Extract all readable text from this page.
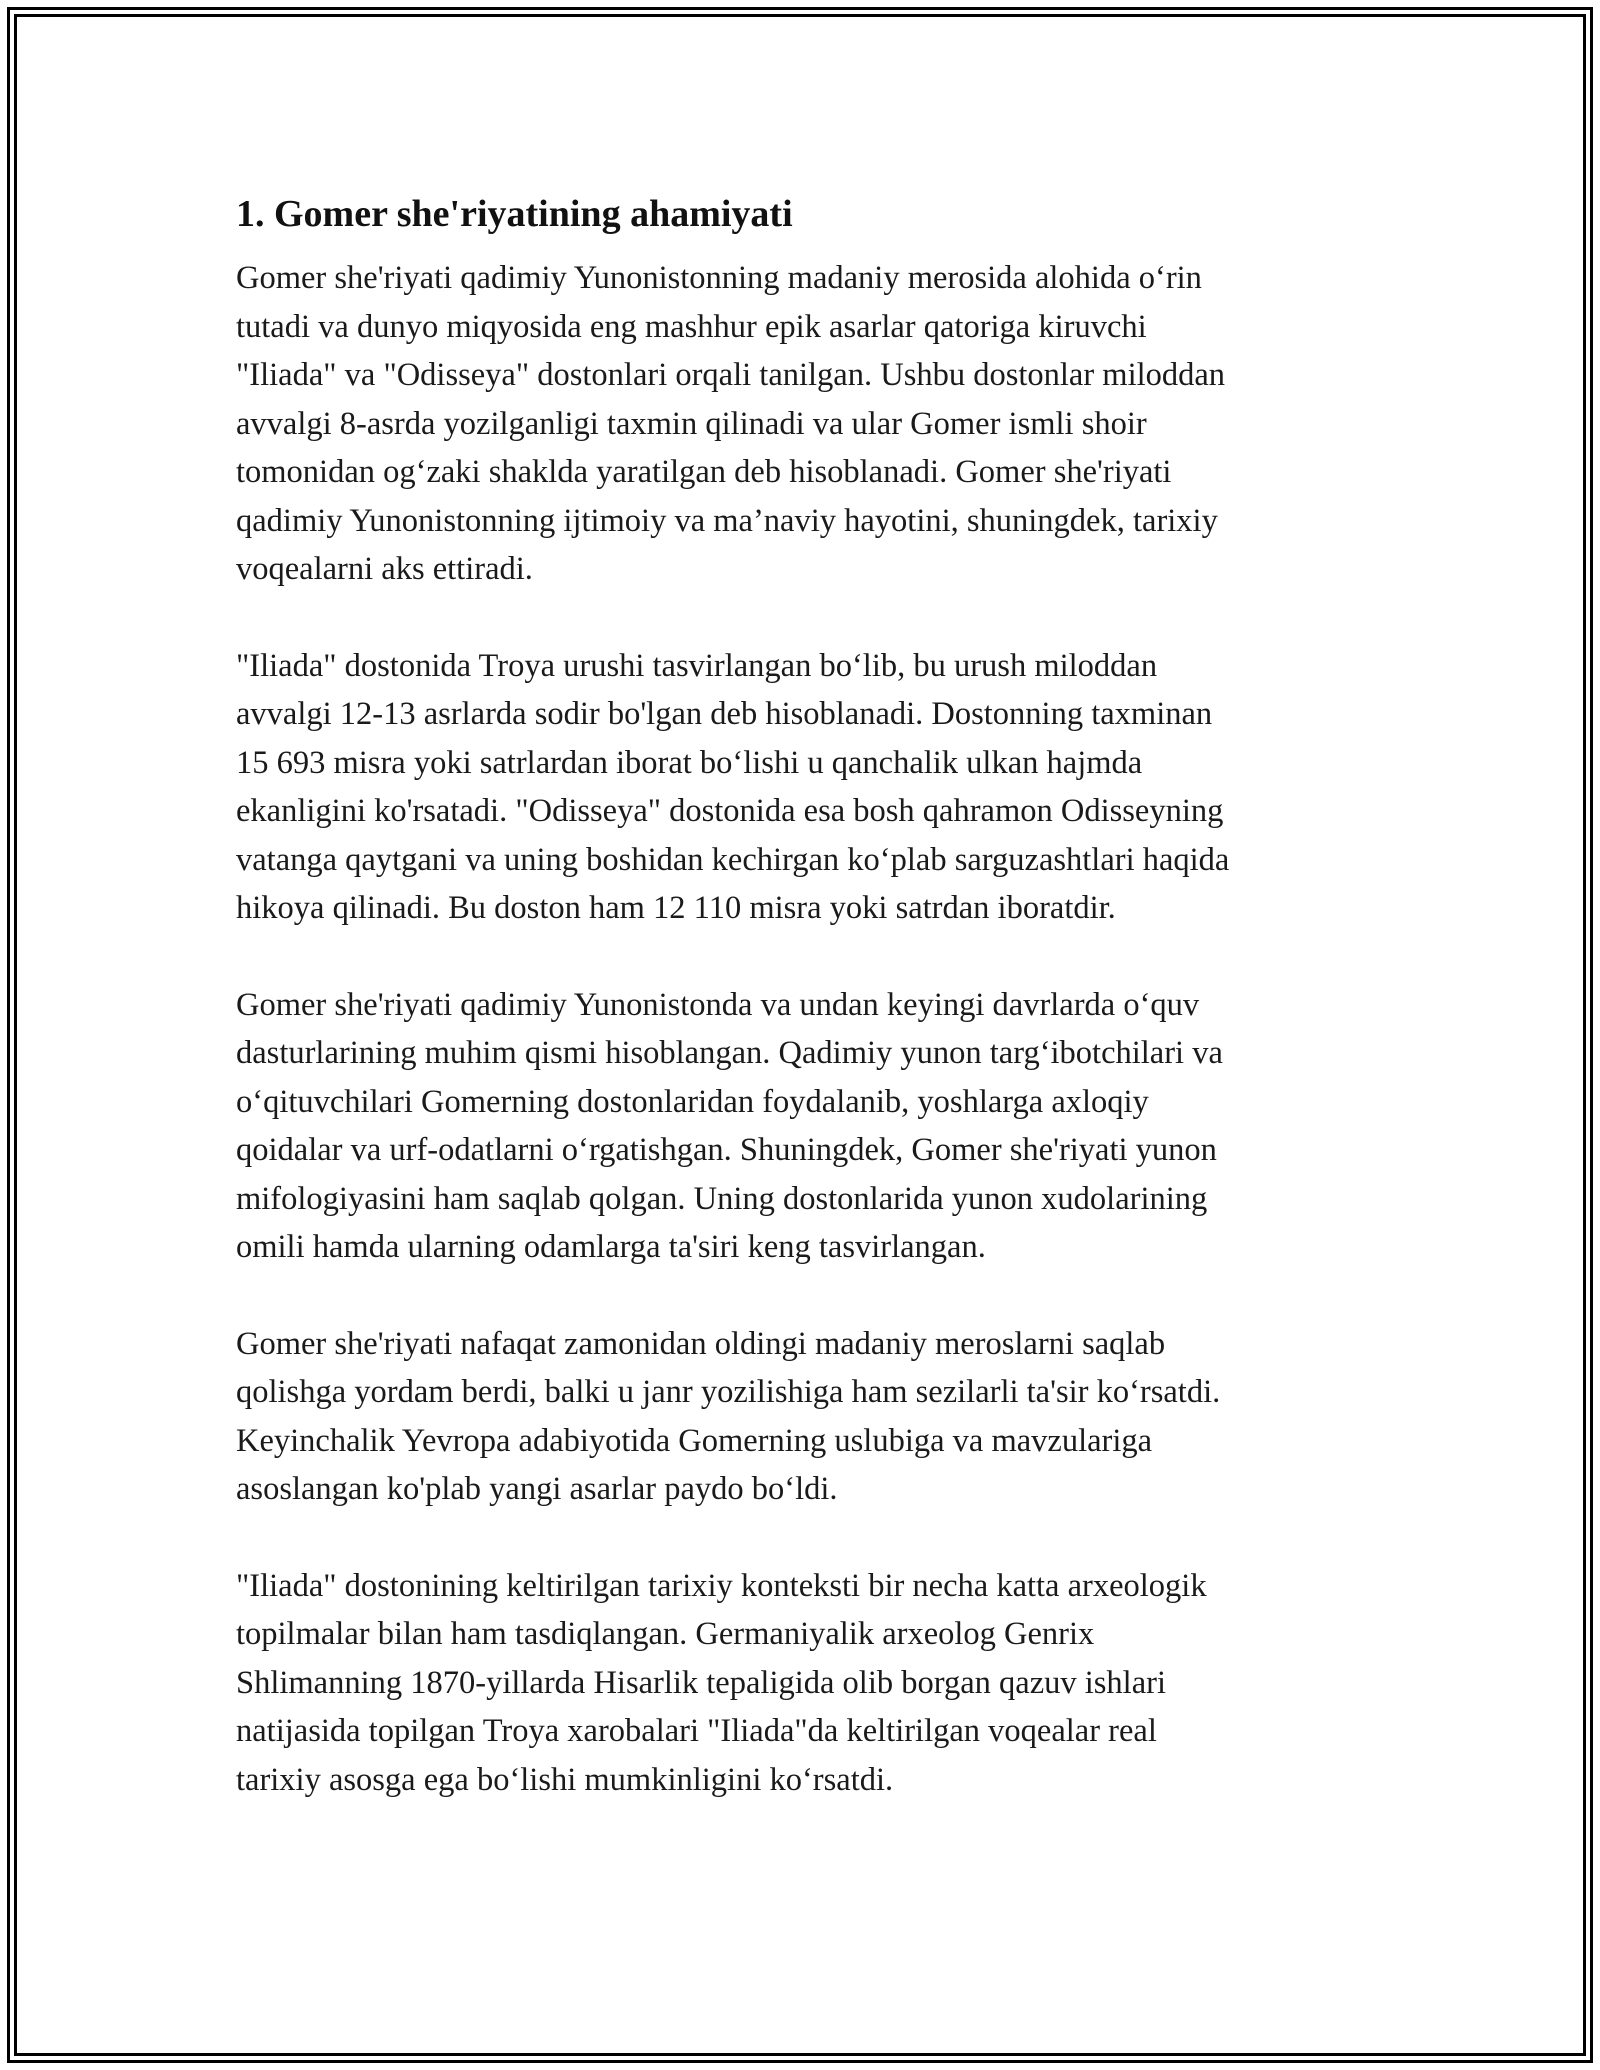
1. Gomer she'riyatining ahamiyati

Gomer she'riyati qadimiy Yunonistonning madaniy merosida alohida o‘rin
tutadi va dunyo miqyosida eng mashhur epik asarlar qatoriga kiruvchi
"Iliada" va "Odisseya" dostonlari orqali tanilgan. Ushbu dostonlar miloddan
avvalgi 8-asrda yozilganligi taxmin qilinadi va ular Gomer ismli shoir
tomonidan og‘zaki shaklda yaratilgan deb hisoblanadi. Gomer she'riyati
qadimiy Yunonistonning ijtimoiy va ma’naviy hayotini, shuningdek, tarixiy
voqealarni aks ettiradi.

"Iliada" dostonida Troya urushi tasvirlangan bo‘lib, bu urush miloddan
avvalgi 12-13 asrlarda sodir bo'lgan deb hisoblanadi. Dostonning taxminan
15 693 misra yoki satrlardan iborat bo‘lishi u qanchalik ulkan hajmda
ekanligini ko'rsatadi. "Odisseya" dostonida esa bosh qahramon Odisseyning
vatanga qaytgani va uning boshidan kechirgan ko‘plab sarguzashtlari haqida
hikoya qilinadi. Bu doston ham 12 110 misra yoki satrdan iboratdir.

Gomer she'riyati qadimiy Yunonistonda va undan keyingi davrlarda o‘quv
dasturlarining muhim qismi hisoblangan. Qadimiy yunon targ‘ibotchilari va
o‘qituvchilari Gomerning dostonlaridan foydalanib, yoshlarga axloqiy
qoidalar va urf-odatlarni o‘rgatishgan. Shuningdek, Gomer she'riyati yunon
mifologiyasini ham saqlab qolgan. Uning dostonlarida yunon xudolarining
omili hamda ularning odamlarga ta'siri keng tasvirlangan.

Gomer she'riyati nafaqat zamonidan oldingi madaniy meroslarni saqlab
qolishga yordam berdi, balki u janr yozilishiga ham sezilarli ta'sir ko‘rsatdi.
Keyinchalik Yevropa adabiyotida Gomerning uslubiga va mavzulariga
asoslangan ko'plab yangi asarlar paydo bo‘ldi.

"Iliada" dostonining keltirilgan tarixiy konteksti bir necha katta arxeologik
topilmalar bilan ham tasdiqlangan. Germaniyalik arxeolog Genrix
Shlimanning 1870-yillarda Hisarlik tepaligida olib borgan qazuv ishlari
natijasida topilgan Troya xarobalari "Iliada"da keltirilgan voqealar real
tarixiy asosga ega bo‘lishi mumkinligini ko‘rsatdi.
